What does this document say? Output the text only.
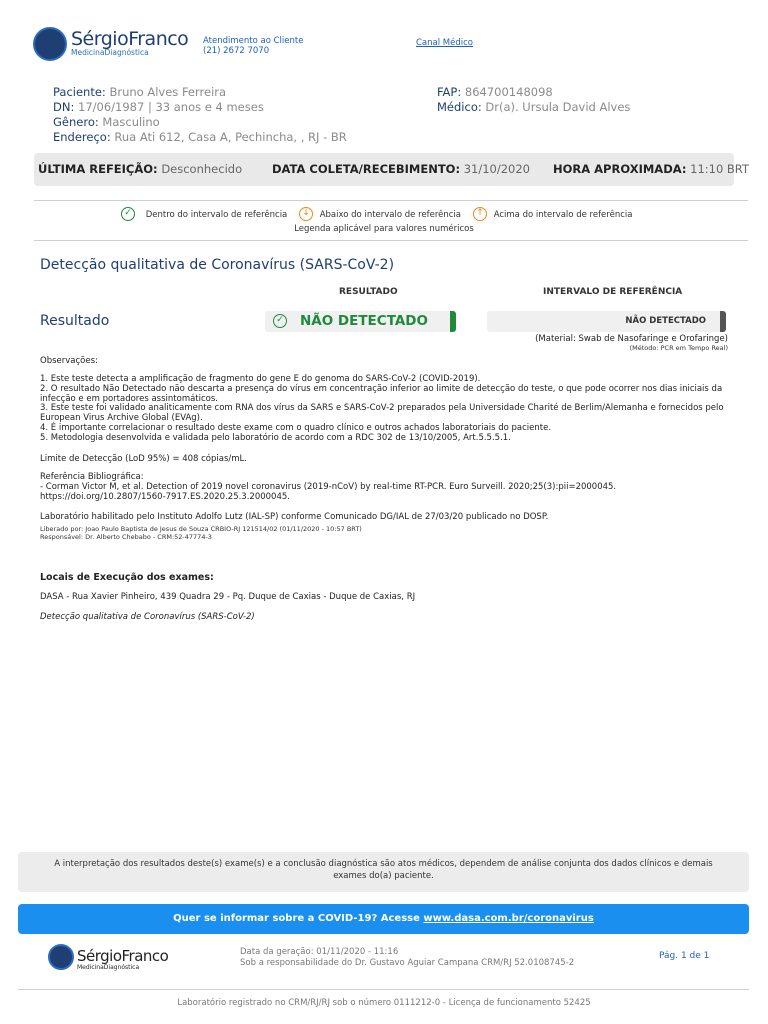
SérgioFranco
MedicinaDiagnóstica
Atendimento ao Cliente
(21) 2672 7070
Canal Médico
Paciente: Bruno Alves Ferreira
DN: 17/06/1987 | 33 anos e 4 meses
Gênero: Masculino
Endereço: Rua Ati 612, Casa A, Pechincha, , RJ - BR
FAP: 864700148098
Médico: Dr(a). Ursula David Alves
ÚLTIMA REFEIÇÃO: Desconhecido	DATA COLETA/RECEBIMENTO: 31/10/2020 HORA APROXIMADA: 11:10 BRT
✓ Dentro do intervalo de referência	↓ Abaixo do intervalo de referência	↑ Acima do intervalo de referência
Legenda aplicável para valores numéricos
Detecção qualitativa de Coronavírus (SARS-CoV-2)
RESULTADO	INTERVALO DE REFERÊNCIA
Resultado	✓ NÃO DETECTADO	NÃO DETECTADO
(Material: Swab de Nasofaringe e Orofaringe)
(Método: PCR em Tempo Real)
Observações:
1. Este teste detecta a amplificação de fragmento do gene E do genoma do SARS-CoV-2 (COVID-2019).
2. O resultado Não Detectado não descarta a presença do vírus em concentração inferior ao limite de detecção do teste, o que pode ocorrer nos dias iniciais da infecção e em portadores assintomáticos.
3. Este teste foi validado analiticamente com RNA dos vírus da SARS e SARS-CoV-2 preparados pela Universidade Charité de Berlim/Alemanha e fornecidos pelo European Virus Archive Global (EVAg).
4. É importante correlacionar o resultado deste exame com o quadro clínico e outros achados laboratoriais do paciente.
5. Metodologia desenvolvida e validada pelo laboratório de acordo com a RDC 302 de 13/10/2005, Art.5.5.5.1.
Limite de Detecção (LoD 95%) = 408 cópias/mL.
Referência Bibliográfica:
- Corman Victor M, et al. Detection of 2019 novel coronavirus (2019-nCoV) by real-time RT-PCR. Euro Surveill. 2020;25(3):pii=2000045.
https://doi.org/10.2807/1560-7917.ES.2020.25.3.2000045.
Laboratório habilitado pelo Instituto Adolfo Lutz (IAL-SP) conforme Comunicado DG/IAL de 27/03/20 publicado no DOSP.
Liberado por: Joao Paulo Baptista de Jesus de Souza CRBIO-RJ 121514/02 (01/11/2020 - 10:57 BRT)
Responsável: Dr. Alberto Chebabo - CRM:52-47774-3
Locais de Execução dos exames:
DASA - Rua Xavier Pinheiro, 439 Quadra 29 - Pq. Duque de Caxias - Duque de Caxias, RJ
Detecção qualitativa de Coronavírus (SARS-CoV-2)
A interpretação dos resultados deste(s) exame(s) e a conclusão diagnóstica são atos médicos, dependem de análise conjunta dos dados clínicos e demais exames do(a) paciente.
Quer se informar sobre a COVID-19? Acesse www.dasa.com.br/coronavirus
SérgioFranco
MedicinaDiagnóstica
Data da geração: 01/11/2020 - 11:16
Sob a responsabilidade do Dr. Gustavo Aguiar Campana CRM/RJ 52.0108745-2
Pág. 1 de 1
Laboratório registrado no CRM/RJ/RJ sob o número 0111212-0 - Licença de funcionamento 52425
